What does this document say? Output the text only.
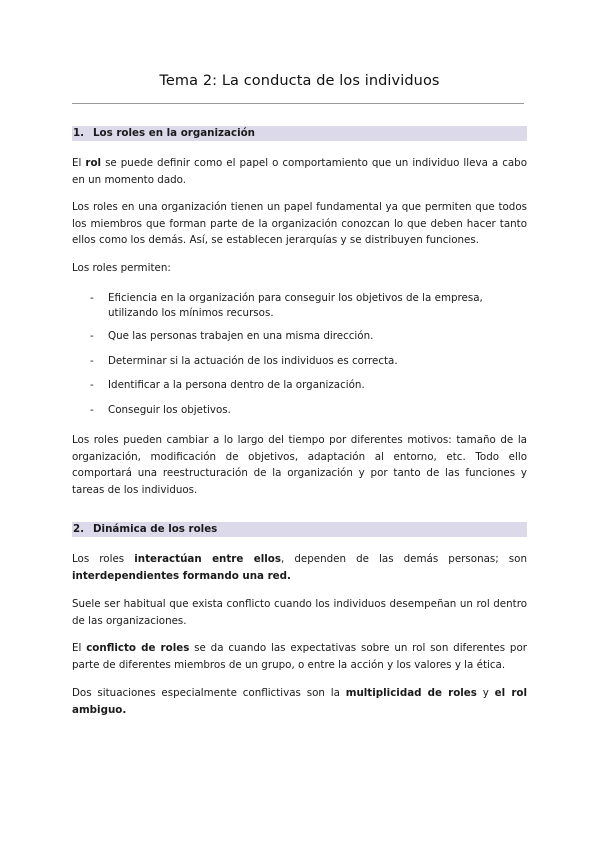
Tema 2: La conducta de los individuos
1. Los roles en la organización
El rol se puede definir como el papel o comportamiento que un individuo lleva a cabo en un momento dado.
Los roles en una organización tienen un papel fundamental ya que permiten que todos los miembros que forman parte de la organización conozcan lo que deben hacer tanto ellos como los demás. Así, se establecen jerarquías y se distribuyen funciones.
Los roles permiten:
- Eficiencia en la organización para conseguir los objetivos de la empresa, utilizando los mínimos recursos.
- Que las personas trabajen en una misma dirección.
- Determinar si la actuación de los individuos es correcta.
- Identificar a la persona dentro de la organización.
- Conseguir los objetivos.
Los roles pueden cambiar a lo largo del tiempo por diferentes motivos: tamaño de la organización, modificación de objetivos, adaptación al entorno, etc. Todo ello comportará una reestructuración de la organización y por tanto de las funciones y tareas de los individuos.
2. Dinámica de los roles
Los roles interactúan entre ellos, dependen de las demás personas; son interdependientes formando una red.
Suele ser habitual que exista conflicto cuando los individuos desempeñan un rol dentro de las organizaciones.
El conflicto de roles se da cuando las expectativas sobre un rol son diferentes por parte de diferentes miembros de un grupo, o entre la acción y los valores y la ética.
Dos situaciones especialmente conflictivas son la multiplicidad de roles y el rol ambiguo.
